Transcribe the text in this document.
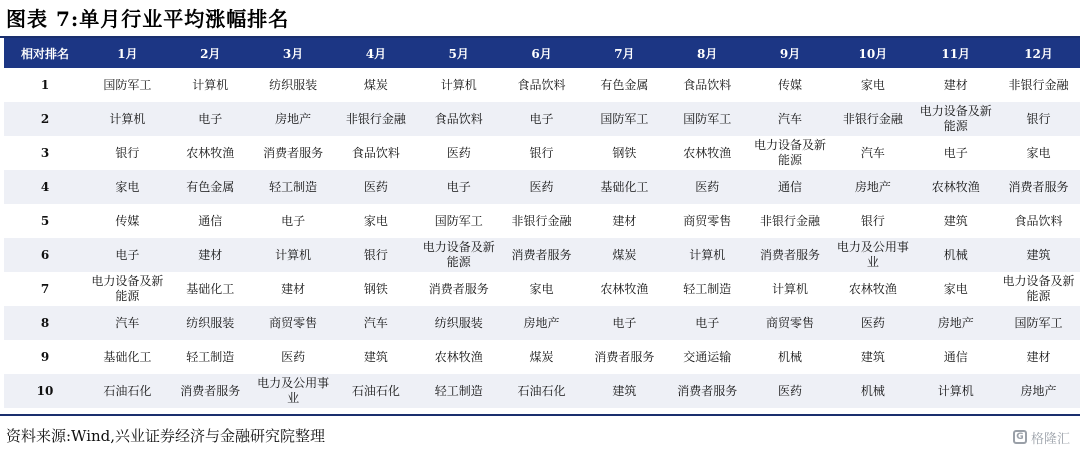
图表 7:单月行业平均涨幅排名
相对排名	1月	2月	3月	4月	5月	6月	7月	8月	9月	10月	11月	12月
1	国防军工	计算机	纺织服装	煤炭	计算机	食品饮料	有色金属	食品饮料	传媒	家电	建材	非银行金融
2	计算机	电子	房地产	非银行金融	食品饮料	电子	国防军工	国防军工	汽车	非银行金融	电力设备及新能源	银行
3	银行	农林牧渔	消费者服务	食品饮料	医药	银行	钢铁	农林牧渔	电力设备及新能源	汽车	电子	家电
4	家电	有色金属	轻工制造	医药	电子	医药	基础化工	医药	通信	房地产	农林牧渔	消费者服务
5	传媒	通信	电子	家电	国防军工	非银行金融	建材	商贸零售	非银行金融	银行	建筑	食品饮料
6	电子	建材	计算机	银行	电力设备及新能源	消费者服务	煤炭	计算机	消费者服务	电力及公用事业	机械	建筑
7	电力设备及新能源	基础化工	建材	钢铁	消费者服务	家电	农林牧渔	轻工制造	计算机	农林牧渔	家电	电力设备及新能源
8	汽车	纺织服装	商贸零售	汽车	纺织服装	房地产	电子	电子	商贸零售	医药	房地产	国防军工
9	基础化工	轻工制造	医药	建筑	农林牧渔	煤炭	消费者服务	交通运输	机械	建筑	通信	建材
10	石油石化	消费者服务	电力及公用事业	石油石化	轻工制造	石油石化	建筑	消费者服务	医药	机械	计算机	房地产
资料来源:Wind,兴业证券经济与金融研究院整理	G 格隆汇
